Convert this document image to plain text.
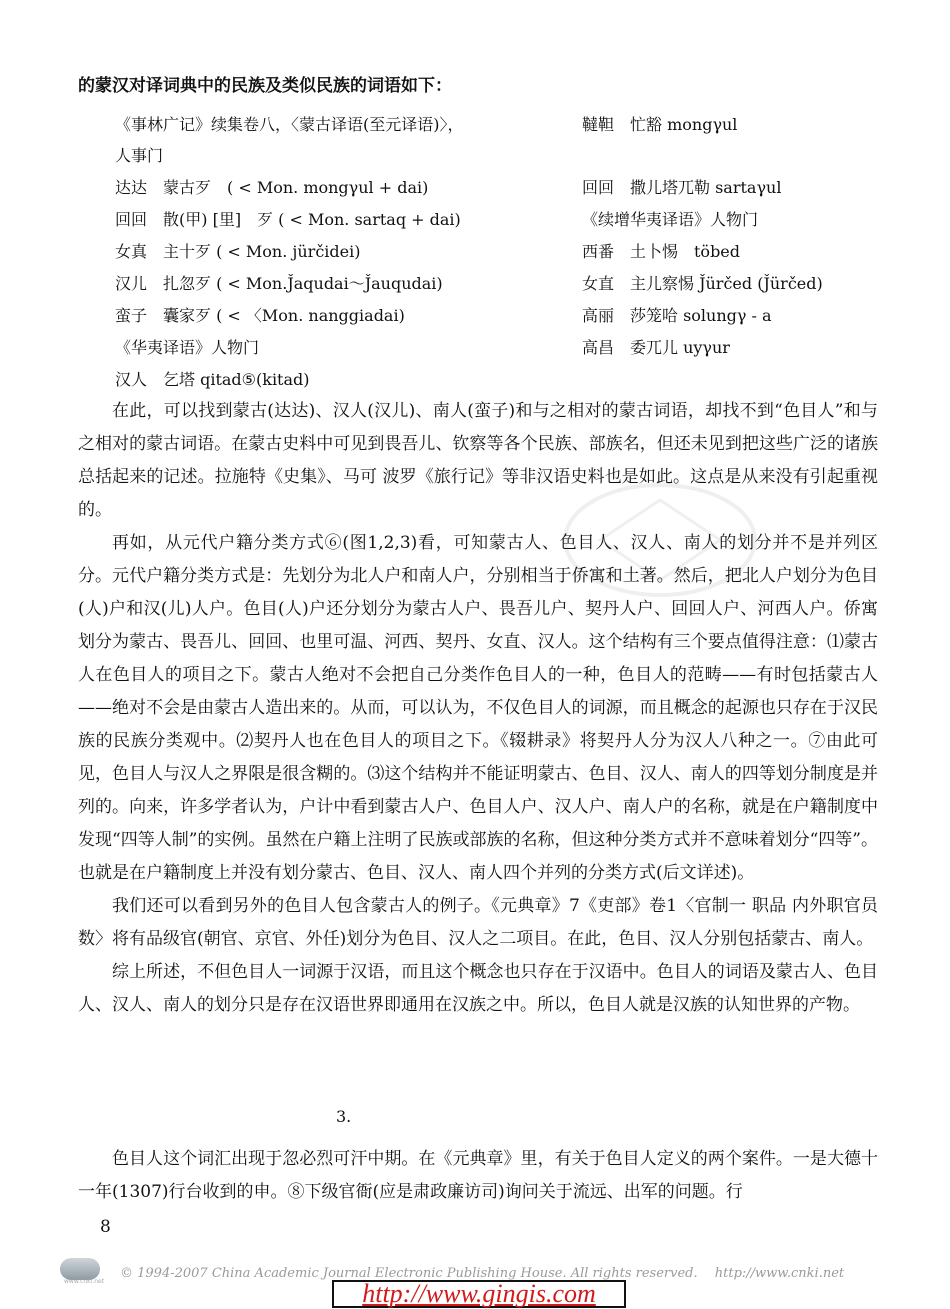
的蒙汉对译词典中的民族及类似民族的词语如下：
《事林广记》续集卷八，〈蒙古译语(至元译语)〉，
人事门
达达　蒙古歹　( < Mon. mongγul + dai)
回回　散(甲) [里]　歹 ( < Mon. sartaq + dai)
女真　主十歹 ( < Mon. jürčidei)
汉儿　扎忽歹 ( < Mon.J̌aqudai～J̌auqudai)
蛮子　囊家歹 ( < 〈Mon. nanggiadai)
《华夷译语》人物门
汉人　乞塔 qitad⑤(kitad)
韃靼　忙豁 mongγul
回回　撒儿塔兀勒 sartaγul
《续增华夷译语》人物门
西番　土卜惕　töbed
女直　主儿察惕 J̌ürčed (J̌ürčed)
高丽　莎笼哈 solungγ - a
高昌　委兀儿 uyγur
在此，可以找到蒙古(达达)、汉人(汉儿)、南人(蛮子)和与之相对的蒙古词语，却找不到“色目人”和与之相对的蒙古词语。在蒙古史料中可见到畏吾儿、钦察等各个民族、部族名，但还未见到把这些广泛的诸族总括起来的记述。拉施特《史集》、马可 波罗《旅行记》等非汉语史料也是如此。这点是从来没有引起重视的。
再如，从元代户籍分类方式⑥(图1,2,3)看，可知蒙古人、色目人、汉人、南人的划分并不是并列区分。元代户籍分类方式是：先划分为北人户和南人户，分别相当于侨寓和土著。然后，把北人户划分为色目(人)户和汉(儿)人户。色目(人)户还分划分为蒙古人户、畏吾儿户、契丹人户、回回人户、河西人户。侨寓划分为蒙古、畏吾儿、回回、也里可温、河西、契丹、女直、汉人。这个结构有三个要点值得注意：⑴蒙古人在色目人的项目之下。蒙古人绝对不会把自己分类作色目人的一种，色目人的范畴——有时包括蒙古人——绝对不会是由蒙古人造出来的。从而，可以认为，不仅色目人的词源，而且概念的起源也只存在于汉民族的民族分类观中。⑵契丹人也在色目人的项目之下。《辍耕录》将契丹人分为汉人八种之一。⑦由此可见，色目人与汉人之界限是很含糊的。⑶这个结构并不能证明蒙古、色目、汉人、南人的四等划分制度是并列的。向来，许多学者认为，户计中看到蒙古人户、色目人户、汉人户、南人户的名称，就是在户籍制度中发现“四等人制”的实例。虽然在户籍上注明了民族或部族的名称，但这种分类方式并不意味着划分“四等”。也就是在户籍制度上并没有划分蒙古、色目、汉人、南人四个并列的分类方式(后文详述)。
我们还可以看到另外的色目人包含蒙古人的例子。《元典章》7《吏部》卷1〈官制一 职品 内外职官员数〉将有品级官(朝官、京官、外任)划分为色目、汉人之二项目。在此，色目、汉人分别包括蒙古、南人。
综上所述，不但色目人一词源于汉语，而且这个概念也只存在于汉语中。色目人的词语及蒙古人、色目人、汉人、南人的划分只是存在汉语世界即通用在汉族之中。所以，色目人就是汉族的认知世界的产物。
3.
色目人这个词汇出现于忽必烈可汗中期。在《元典章》里，有关于色目人定义的两个案件。一是大德十一年(1307)行台收到的申。⑧下级官衙(应是肃政廉访司)询问关于流远、出军的问题。行
8
www.cnki.net
© 1994-2007 China Academic Journal Electronic Publishing House. All rights reserved.　 http://www.cnki.net
http://www.gingis.com
